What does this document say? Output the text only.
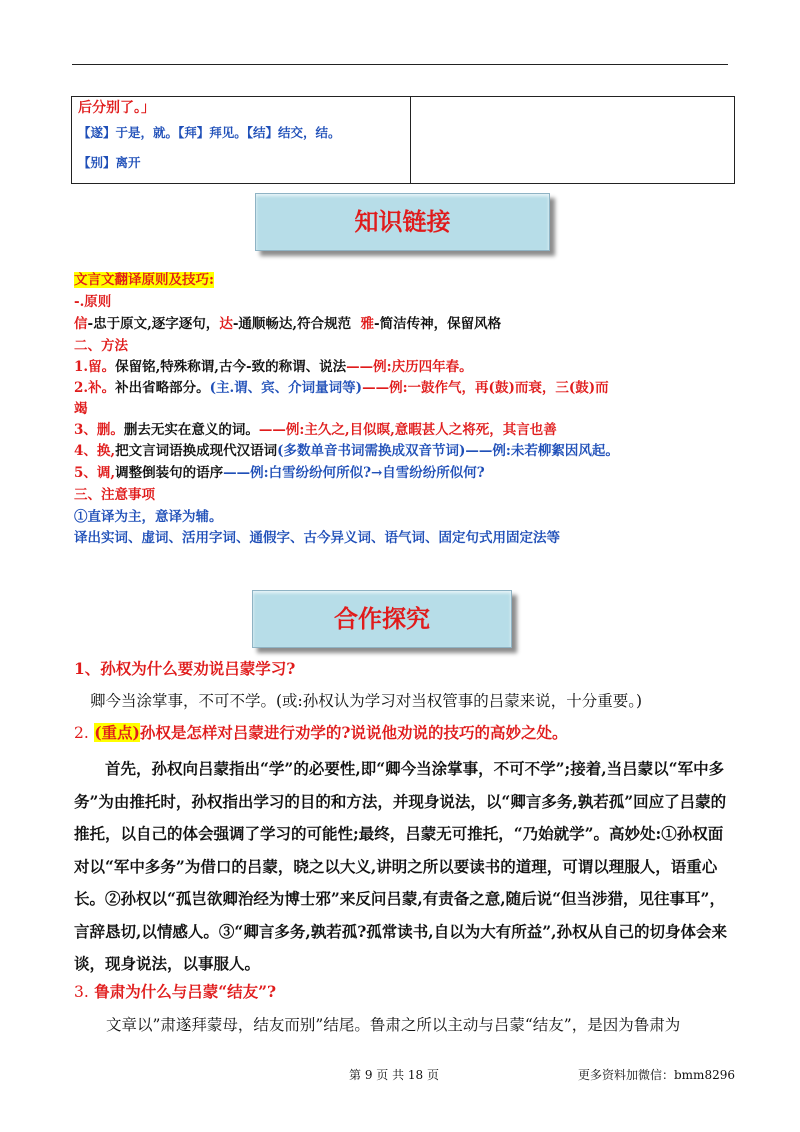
后分别了。」
【遂】于是，就。【拜】拜见。【结】结交，结。
【别】离开

知识链接
文言文翻译原则及技巧:
-.原则
信-忠于原文,逐字逐句，达-通顺畅达,符合规范 雅-简洁传神，保留风格
二、方法
1.留。保留铭,特殊称谓,古今-致的称谓、说法——例:庆历四年春。
2.补。补出省略部分。(主.谓、宾、介词量词等)——例:一鼓作气，再(鼓)而衰，三(鼓)而
竭
3、删。删去无实在意义的词。——例:主久之,目似暝,意暇甚人之将死，其言也善
4、换,把文言词语换成现代汉语词(多数单音书词需换成双音节词)——例:未若柳絮因风起。
5、调,调整倒装句的语序——例:白雪纷纷何所似?→自雪纷纷所似何?
三、注意事项
①直译为主，意译为辅。
译出实词、虚词、活用字词、通假字、古今异义词、语气词、固定句式用固定法等
合作探究
1、孙权为什么要劝说吕蒙学习?
卿今当涂掌事，不可不学。(或:孙权认为学习对当权管事的吕蒙来说，十分重要。)
2. (重点)孙权是怎样对吕蒙进行劝学的?说说他劝说的技巧的高妙之处。
　　首先，孙权向吕蒙指出“学”的必要性,即“卿今当涂掌事，不可不学”;接着,当吕蒙以“军中多务”为由推托时，孙权指出学习的目的和方法，并现身说法，以“卿言多务,孰若孤”回应了吕蒙的推托，以自己的体会强调了学习的可能性;最终，吕蒙无可推托，“乃始就学”。高妙处:①孙权面对以“军中多务”为借口的吕蒙，晓之以大义,讲明之所以要读书的道理，可谓以理服人，语重心长。②孙权以“孤岂欲卿治经为博士邪”来反问吕蒙,有责备之意,随后说“但当涉猎，见往事耳”，言辞恳切,以情感人。③“卿言多务,孰若孤?孤常读书,自以为大有所益”,孙权从自己的切身体会来谈，现身说法，以事服人。
3. 鲁肃为什么与吕蒙“结友”?
文章以”肃遂拜蒙母，结友而别”结尾。鲁肃之所以主动与吕蒙“结友”，是因为鲁肃为
第 9 页 共 18 页	更多资料加微信：bmm8296
